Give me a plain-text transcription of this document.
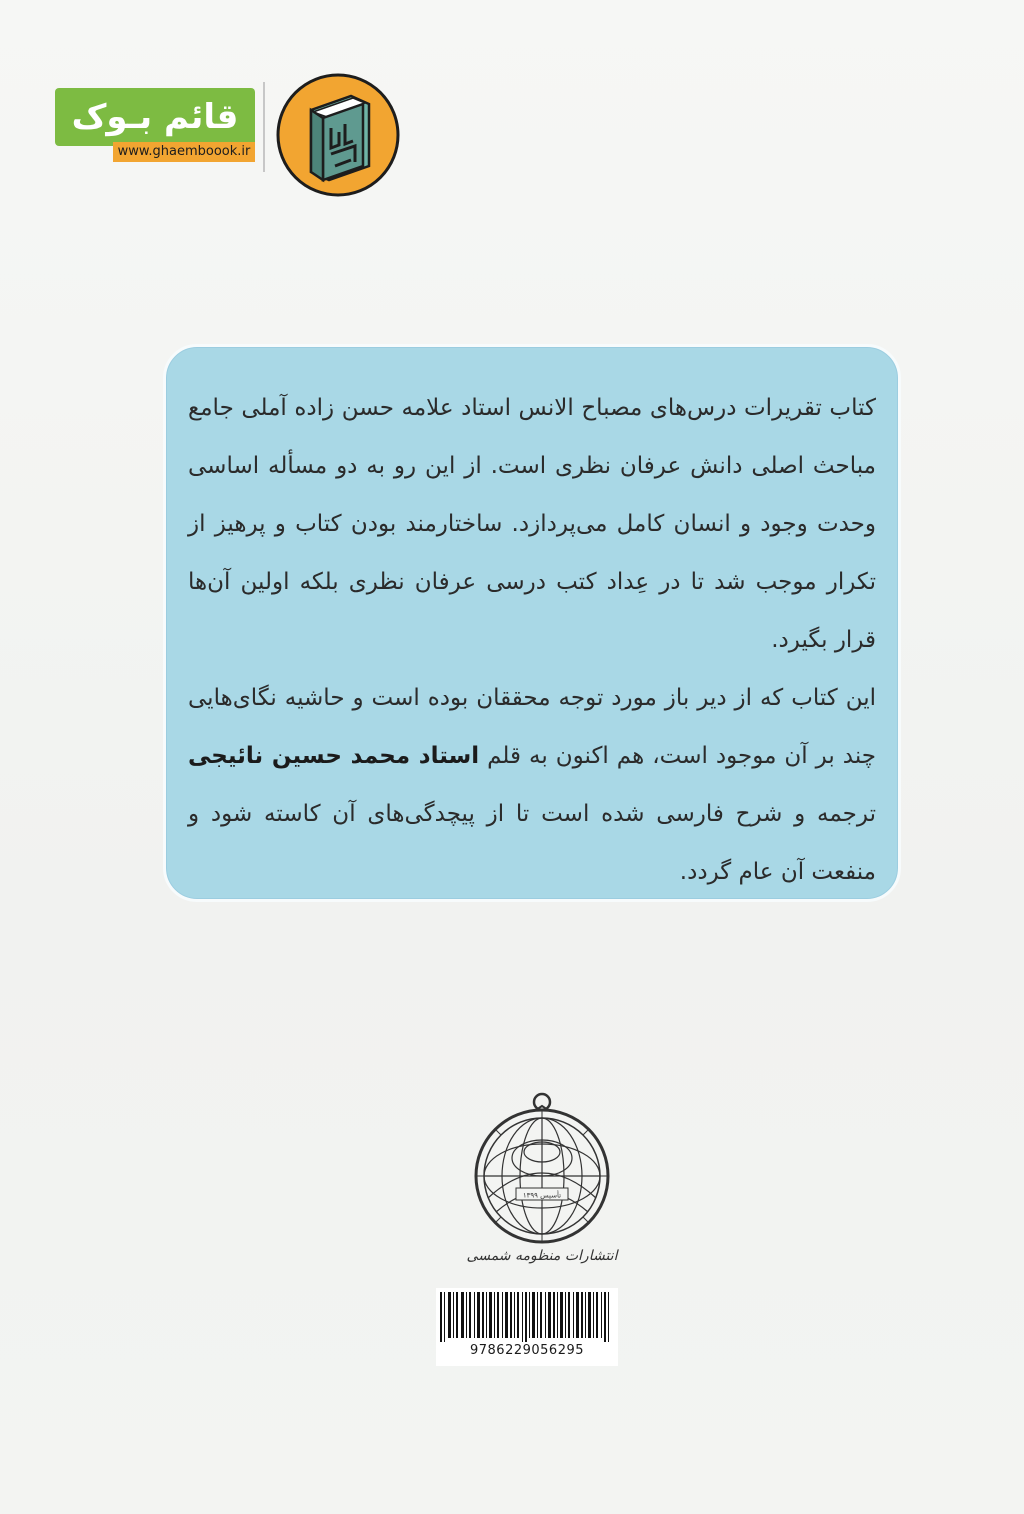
قائم بـوک
www.ghaemboook.ir

کتاب تقریرات درس‌های مصباح الانس استاد علامه حسن زاده آملی جامع مباحث اصلی دانش عرفان نظری است. از این رو به دو مسأله اساسی وحدت وجود و انسان کامل می‌پردازد. ساختارمند بودن کتاب و پرهیز از تکرار موجب شد تا در عِداد کتب درسی عرفان نظری بلکه اولین آن‌ها قرار بگیرد.

این کتاب که از دیر باز مورد توجه محققان بوده است و حاشیه نگای‌هایی چند بر آن موجود است، هم اکنون به قلم استاد محمد حسین نائیجی ترجمه و شرح فارسی شده است تا از پیچدگی‌های آن کاسته شود و منفعت آن عام گردد.

تأسیس ۱۳۹۹
انتشارات منظومه شمسی
9786229056295
